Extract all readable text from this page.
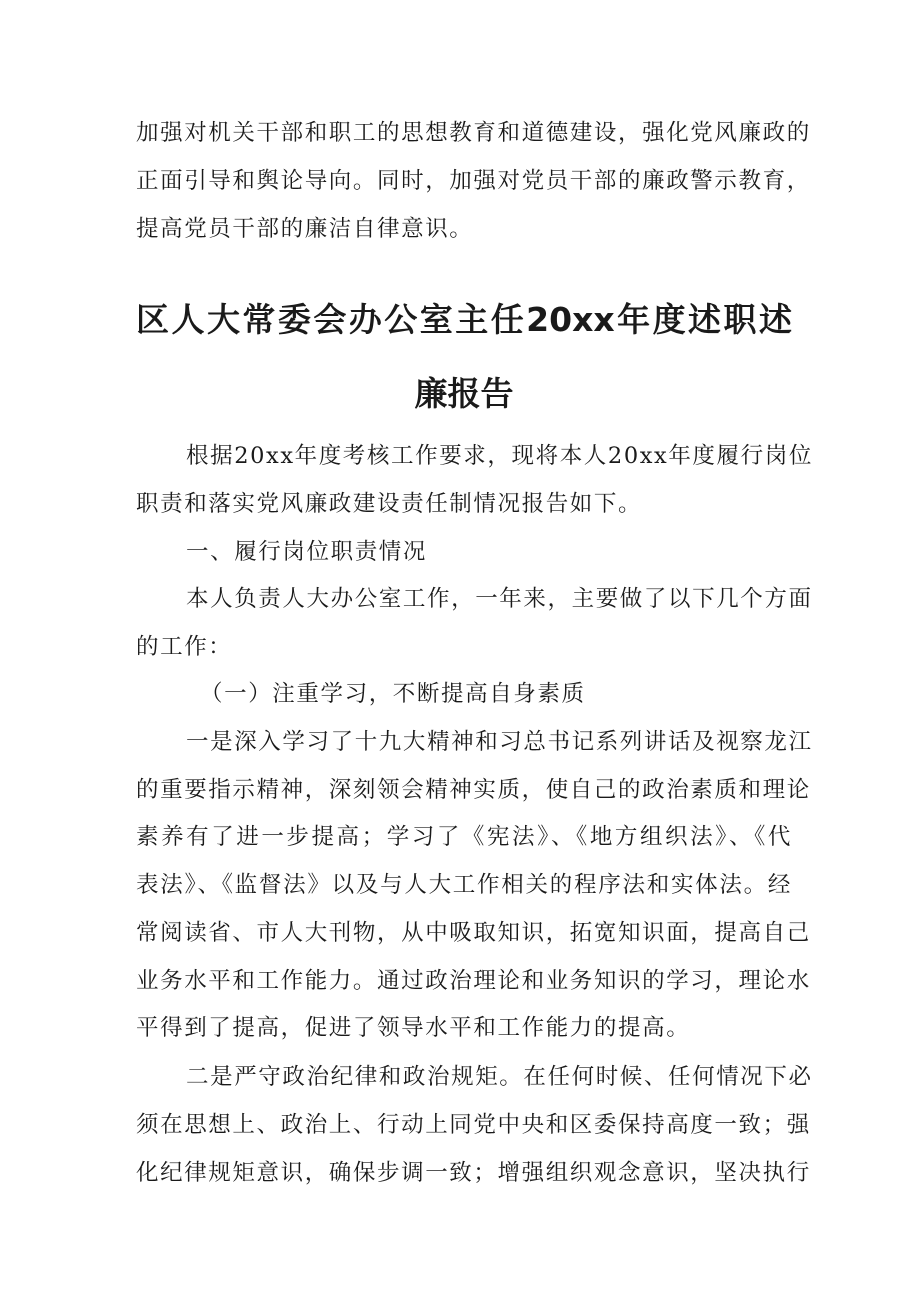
加强对机关干部和职工的思想教育和道德建设，强化党风廉政的
正面引导和舆论导向。同时，加强对党员干部的廉政警示教育，
提高党员干部的廉洁自律意识。
区人大常委会办公室主任20xx年度述职述
廉报告
根据20xx年度考核工作要求，现将本人20xx年度履行岗位
职责和落实党风廉政建设责任制情况报告如下。
一、履行岗位职责情况
本人负责人大办公室工作，一年来，主要做了以下几个方面
的工作：
（一）注重学习，不断提高自身素质
一是深入学习了十九大精神和习总书记系列讲话及视察龙江
的重要指示精神，深刻领会精神实质，使自己的政治素质和理论
素养有了进一步提高；学习了《宪法》、《地方组织法》、《代
表法》、《监督法》以及与人大工作相关的程序法和实体法。经
常阅读省、市人大刊物，从中吸取知识，拓宽知识面，提高自己
业务水平和工作能力。通过政治理论和业务知识的学习，理论水
平得到了提高，促进了领导水平和工作能力的提高。
二是严守政治纪律和政治规矩。在任何时候、任何情况下必
须在思想上、政治上、行动上同党中央和区委保持高度一致；强
化纪律规矩意识，确保步调一致；增强组织观念意识，坚决执行
